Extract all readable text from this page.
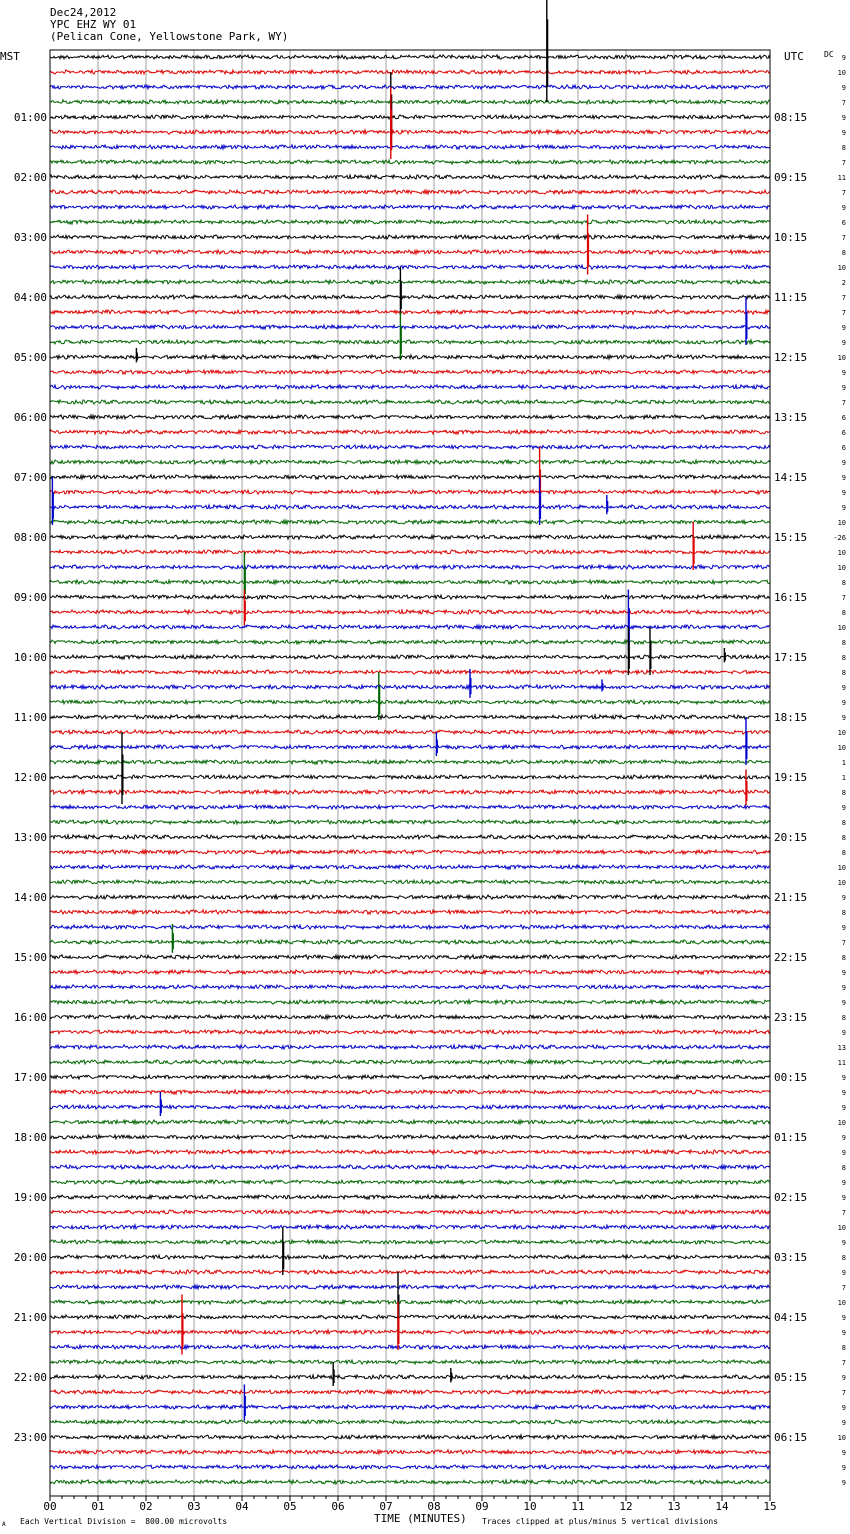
Dec24,2012
YPC EHZ WY 01
(Pelican Cone, Yellowstone Park, WY)
MST	UTC	DC 9
10
9
7
9
9
8
7
11
7
9
6
7
8
10
2
7
7
9
9
10
9
9
7
6
6
6
9
9
9
9
10
-26
10
10
8
7
8
10
8
8
8
9
9
9
10
10
1
1
8
9
8
8
8
10
10
9
8
9
7
8
9
9
9
8
9
13
11
9
9
9
10
9
9
8
9
9
7
10
9
8
9
7
10
9
9
8
7
9
7
9
9
10
9
9
9
01:00
02:00
03:00
04:00
05:00
06:00
07:00
08:00
09:00
10:00
11:00
12:00
13:00
14:00
15:00
16:00
17:00
18:00
19:00
20:00
21:00
22:00
23:00
08:15
09:15
10:15
11:15
12:15
13:15
14:15
15:15
16:15
17:15
18:15
19:15
20:15
21:15
22:15
23:15
00:15
01:15
02:15
03:15
04:15
05:15
06:15
00	01	02	03	04	05	06	07	08	09	10	11	12	13	14	15
TIME (MINUTES)
Each Vertical Division =  800.00 microvolts	Traces clipped at plus/minus 5 vertical divisions
A
